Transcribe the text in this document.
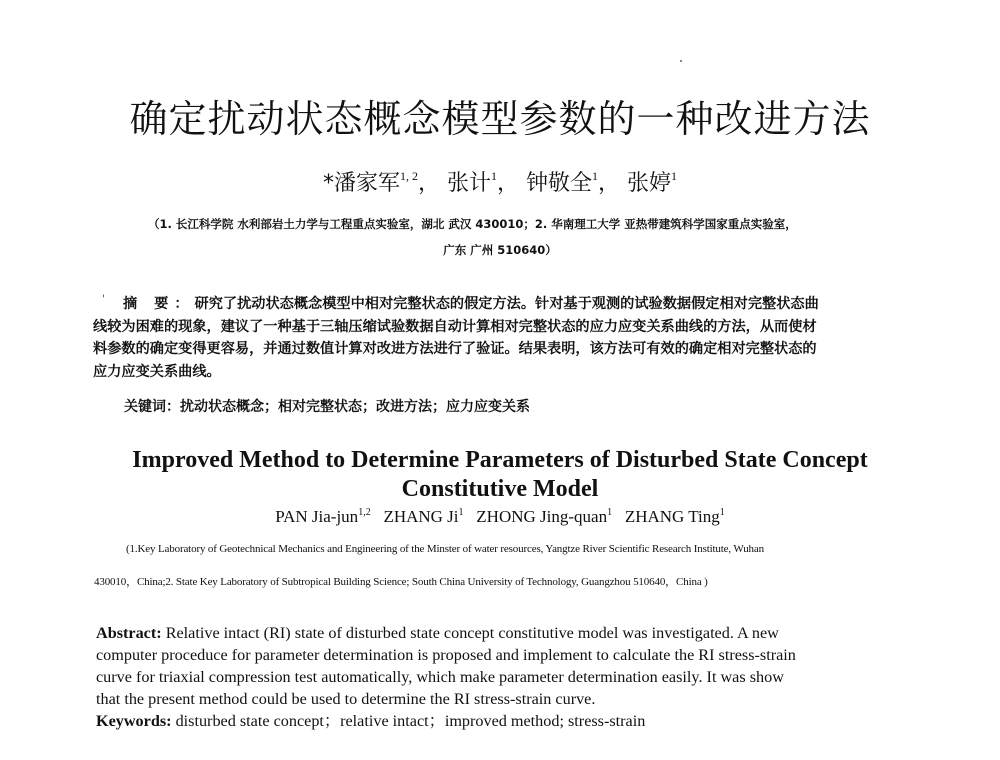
确定扰动状态概念模型参数的一种改进方法
*潘家军$^{1, 2}$， 张计$^1$， 钟敬全$^1$， 张婷$^1$
（1. 长江科学院 水利部岩土力学与工程重点实验室，湖北 武汉 430010；2. 华南理工大学 亚热带建筑科学国家重点实验室，
广东 广州 510640）
'	摘 要：研究了扰动状态概念模型中相对完整状态的假定方法。针对基于观测的试验数据假定相对完整状态曲
线较为困难的现象，建议了一种基于三轴压缩试验数据自动计算相对完整状态的应力应变关系曲线的方法，从而使材
料参数的确定变得更容易，并通过数值计算对改进方法进行了验证。结果表明，该方法可有效的确定相对完整状态的
应力应变关系曲线。
关键词：扰动状态概念；相对完整状态；改进方法；应力应变关系
Improved Method to Determine Parameters of Disturbed State Concept
Constitutive Model
PAN Jia-jun$^{1,2}$ ZHANG Ji$^1$ ZHONG Jing-quan$^1$ ZHANG Ting$^1$
(1.Key Laboratory of Geotechnical Mechanics and Engineering of the Minster of water resources, Yangtze River Scientific Research Institute, Wuhan
430010，China;2. State Key Laboratory of Subtropical Building Science; South China University of Technology, Guangzhou 510640，China )
Abstract: Relative intact (RI) state of disturbed state concept constitutive model was investigated. A new
computer proceduce for parameter determination is proposed and implement to calculate the RI stress-strain
curve for triaxial compression test automatically, which make parameter determination easily. It was show
that the present method could be used to determine the RI stress-strain curve.
Keywords: disturbed state concept；relative intact；improved method; stress-strain
